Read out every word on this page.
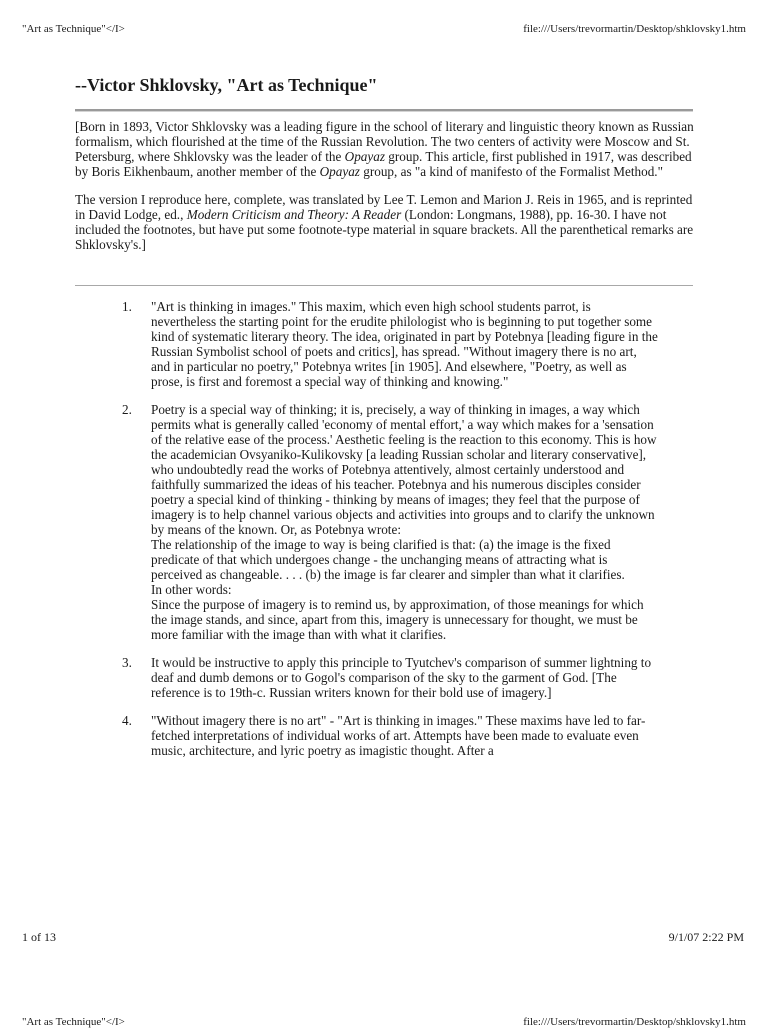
"Art as Technique"</I>	file:///Users/trevormartin/Desktop/shklovsky1.htm
--Victor Shklovsky, "Art as Technique"

[Born in 1893, Victor Shklovsky was a leading figure in the school of literary and linguistic theory known as Russian formalism, which flourished at the time of the Russian Revolution. The two centers of activity were Moscow and St. Petersburg, where Shklovsky was the leader of the Opayaz group. This article, first published in 1917, was described by Boris Eikhenbaum, another member of the Opayaz group, as "a kind of manifesto of the Formalist Method."

The version I reproduce here, complete, was translated by Lee T. Lemon and Marion J. Reis in 1965, and is reprinted in David Lodge, ed., Modern Criticism and Theory: A Reader (London: Longmans, 1988), pp. 16-30. I have not included the footnotes, but have put some footnote-type material in square brackets. All the parenthetical remarks are Shklovsky's.]

1.	"Art is thinking in images." This maxim, which even high school students parrot, is nevertheless the starting point for the erudite philologist who is beginning to put together some kind of systematic literary theory. The idea, originated in part by Potebnya [leading figure in the Russian Symbolist school of poets and critics], has spread. "Without imagery there is no art, and in particular no poetry," Potebnya writes [in 1905]. And elsewhere, "Poetry, as well as prose, is first and foremost a special way of thinking and knowing."

2.	Poetry is a special way of thinking; it is, precisely, a way of thinking in images, a way which permits what is generally called 'economy of mental effort,' a way which makes for a 'sensation of the relative ease of the process.' Aesthetic feeling is the reaction to this economy. This is how the academician Ovsyaniko-Kulikovsky [a leading Russian scholar and literary conservative], who undoubtedly read the works of Potebnya attentively, almost certainly understood and faithfully summarized the ideas of his teacher. Potebnya and his numerous disciples consider poetry a special kind of thinking - thinking by means of images; they feel that the purpose of imagery is to help channel various objects and activities into groups and to clarify the unknown by means of the known. Or, as Potebnya wrote:

The relationship of the image to way is being clarified is that: (a) the image is the fixed predicate of that which undergoes change - the unchanging means of attracting what is perceived as changeable. . . . (b) the image is far clearer and simpler than what it clarifies.

In other words:

Since the purpose of imagery is to remind us, by approximation, of those meanings for which the image stands, and since, apart from this, imagery is unnecessary for thought, we must be more familiar with the image than with what it clarifies.

3.	It would be instructive to apply this principle to Tyutchev's comparison of summer lightning to deaf and dumb demons or to Gogol's comparison of the sky to the garment of God. [The reference is to 19th-c. Russian writers known for their bold use of imagery.]

4.	"Without imagery there is no art" - "Art is thinking in images." These maxims have led to far-fetched interpretations of individual works of art. Attempts have been made to evaluate even music, architecture, and lyric poetry as imagistic thought. After a

1 of 13	9/1/07 2:22 PM
"Art as Technique"</I>	file:///Users/trevormartin/Desktop/shklovsky1.htm
